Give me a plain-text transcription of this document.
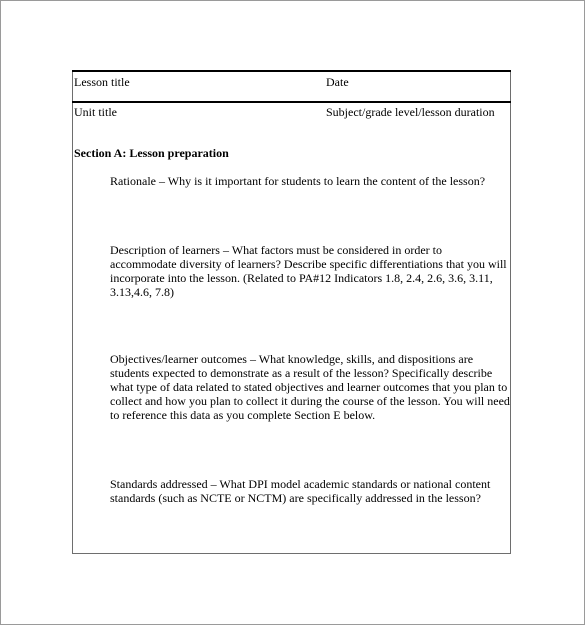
Lesson title	Date
Unit title	Subject/grade level/lesson duration
Section A: Lesson preparation
Rationale – Why is it important for students to learn the content of the lesson?
Description of learners – What factors must be considered in order to accommodate diversity of learners? Describe specific differentiations that you will incorporate into the lesson. (Related to PA#12 Indicators 1.8, 2.4, 2.6, 3.6, 3.11, 3.13,4.6, 7.8)
Objectives/learner outcomes – What knowledge, skills, and dispositions are students expected to demonstrate as a result of the lesson? Specifically describe what type of data related to stated objectives and learner outcomes that you plan to collect and how you plan to collect it during the course of the lesson. You will need to reference this data as you complete Section E below.
Standards addressed – What DPI model academic standards or national content standards (such as NCTE or NCTM) are specifically addressed in the lesson?
